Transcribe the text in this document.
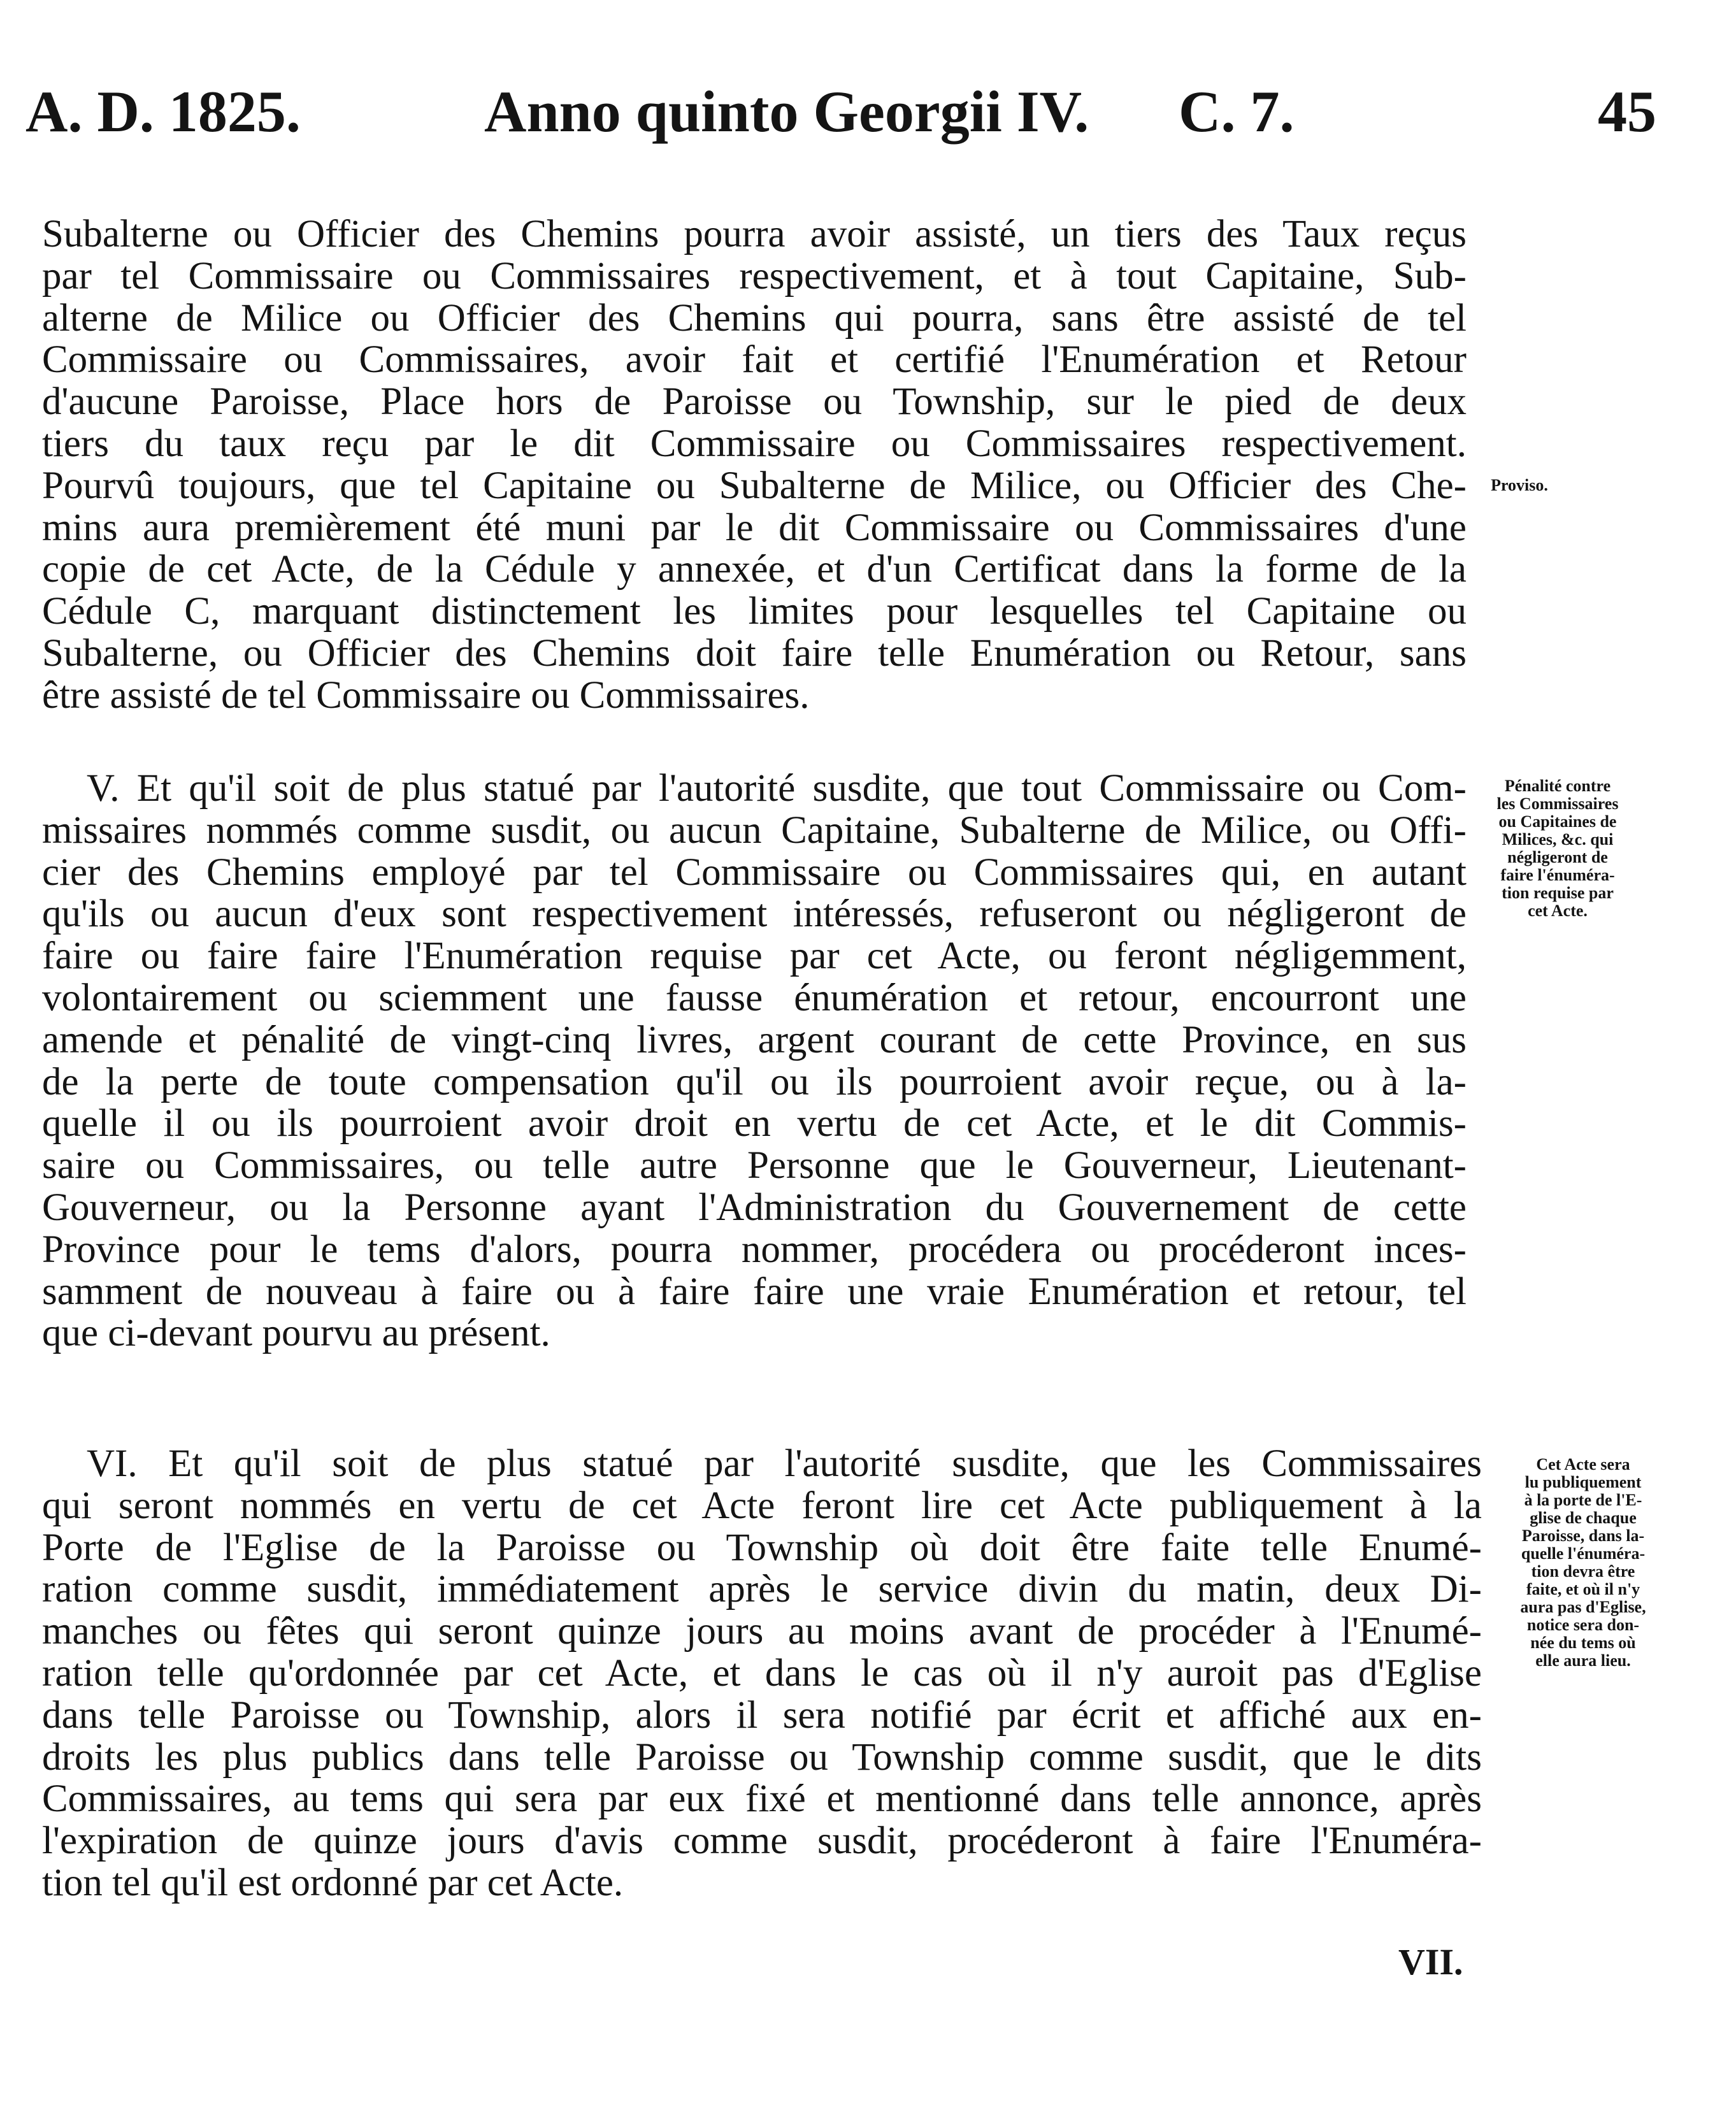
A. D. 1825.	Anno quinto Georgii IV. C. 7.	45
Subalterne ou Officier des Chemins pourra avoir assisté, un tiers des Taux reçus
par tel Commissaire ou Commissaires respectivement, et à tout Capitaine, Sub-
alterne de Milice ou Officier des Chemins qui pourra, sans être assisté de tel
Commissaire ou Commissaires, avoir fait et certifié l'Enumération et Retour
d'aucune Paroisse, Place hors de Paroisse ou Township, sur le pied de deux
tiers du taux reçu par le dit Commissaire ou Commissaires respectivement.
Pourvû toujours, que tel Capitaine ou Subalterne de Milice, ou Officier des Che-
mins aura premièrement été muni par le dit Commissaire ou Commissaires d'une
copie de cet Acte, de la Cédule y annexée, et d'un Certificat dans la forme de la
Cédule C, marquant distinctement les limites pour lesquelles tel Capitaine ou
Subalterne, ou Officier des Chemins doit faire telle Enumération ou Retour, sans
être assisté de tel Commissaire ou Commissaires.
Proviso.
V. Et qu'il soit de plus statué par l'autorité susdite, que tout Commissaire ou Com-
missaires nommés comme susdit, ou aucun Capitaine, Subalterne de Milice, ou Offi-
cier des Chemins employé par tel Commissaire ou Commissaires qui, en autant
qu'ils ou aucun d'eux sont respectivement intéressés, refuseront ou négligeront de
faire ou faire faire l'Enumération requise par cet Acte, ou feront négligemment,
volontairement ou sciemment une fausse énumération et retour, encourront une
amende et pénalité de vingt-cinq livres, argent courant de cette Province, en sus
de la perte de toute compensation qu'il ou ils pourroient avoir reçue, ou à la-
quelle il ou ils pourroient avoir droit en vertu de cet Acte, et le dit Commis-
saire ou Commissaires, ou telle autre Personne que le Gouverneur, Lieutenant-
Gouverneur, ou la Personne ayant l'Administration du Gouvernement de cette
Province pour le tems d'alors, pourra nommer, procédera ou procéderont inces-
samment de nouveau à faire ou à faire faire une vraie Enumération et retour, tel
que ci-devant pourvu au présent.
Pénalité contre
les Commissaires
ou Capitaines de
Milices, &c. qui
négligeront de
faire l'énuméra-
tion requise par
cet Acte.
VI. Et qu'il soit de plus statué par l'autorité susdite, que les Commissaires
qui seront nommés en vertu de cet Acte feront lire cet Acte publiquement à la
Porte de l'Eglise de la Paroisse ou Township où doit être faite telle Enumé-
ration comme susdit, immédiatement après le service divin du matin, deux Di-
manches ou fêtes qui seront quinze jours au moins avant de procéder à l'Enumé-
ration telle qu'ordonnée par cet Acte, et dans le cas où il n'y auroit pas d'Eglise
dans telle Paroisse ou Township, alors il sera notifié par écrit et affiché aux en-
droits les plus publics dans telle Paroisse ou Township comme susdit, que le dits
Commissaires, au tems qui sera par eux fixé et mentionné dans telle annonce, après
l'expiration de quinze jours d'avis comme susdit, procéderont à faire l'Enuméra-
tion tel qu'il est ordonné par cet Acte.
Cet Acte sera
lu publiquement
à la porte de l'E-
glise de chaque
Paroisse, dans la-
quelle l'énuméra-
tion devra être
faite, et où il n'y
aura pas d'Eglise,
notice sera don-
née du tems où
elle aura lieu.
VII.
